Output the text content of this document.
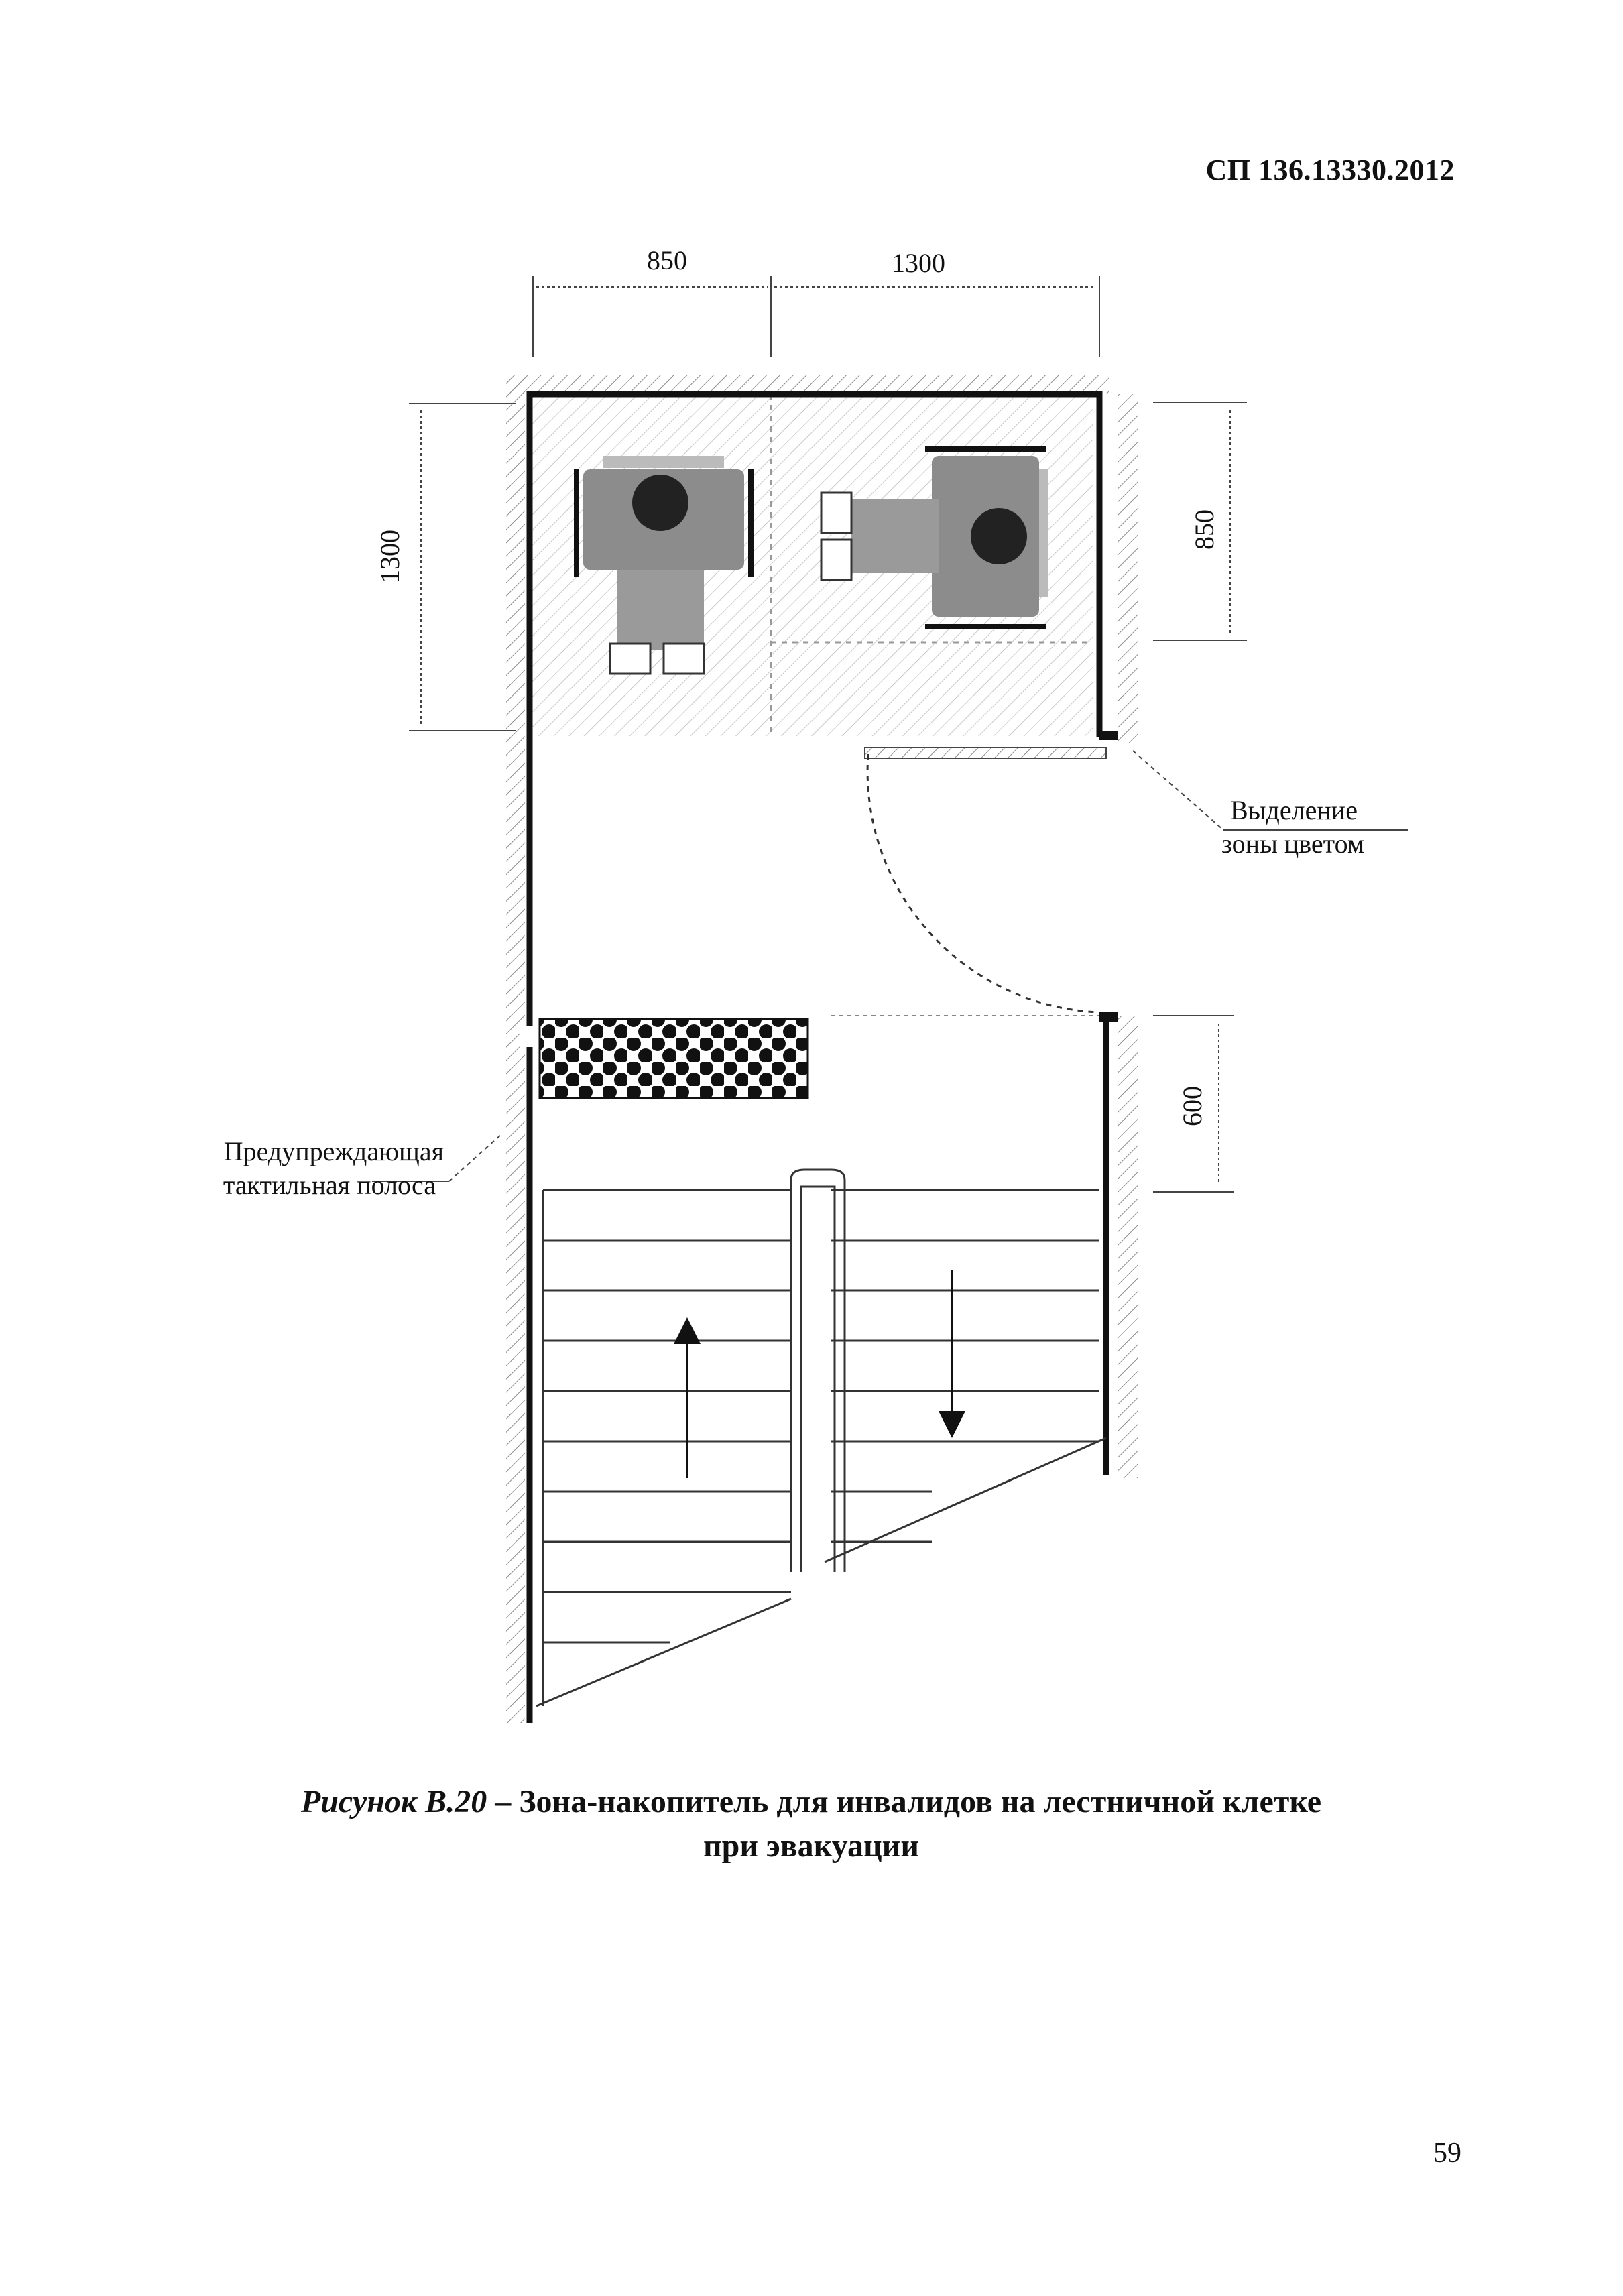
СП 136.13330.2012
850	1300
1300	850
600
Выделение
зоны цветом
Предупреждающая
тактильная полоса
Рисунок В.20 – Зона-накопитель для инвалидов на лестничной клетке
при эвакуации
59
